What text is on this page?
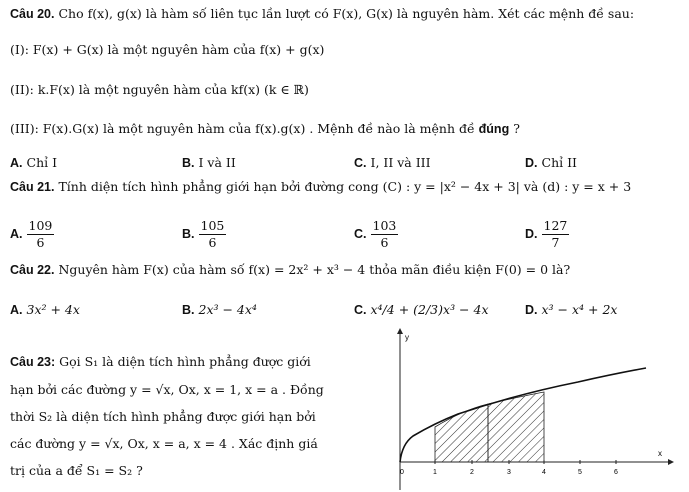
Câu 20. Cho f(x), g(x) là hàm số liên tục lần lượt có F(x), G(x) là nguyên hàm. Xét các mệnh đề sau:
(I): F(x) + G(x) là một nguyên hàm của f(x) + g(x)
(II): k.F(x) là một nguyên hàm của kf(x) (k ∈ ℝ)
(III): F(x).G(x) là một nguyên hàm của f(x).g(x) . Mệnh đề nào là mệnh đề đúng ?
A. Chỉ I	B. I và II	C. I, II và III	D. Chỉ II
Câu 21. Tính diện tích hình phẳng giới hạn bởi đường cong (C) : y = |x² − 4x + 3| và (d) : y = x + 3
A. $\frac{109}{6}$	B. $\frac{105}{6}$	C. $\frac{103}{6}$	D. $\frac{127}{7}$
Câu 22. Nguyên hàm F(x) của hàm số f(x) = 2x² + x³ − 4 thỏa mãn điều kiện F(0) = 0 là?
A. 3x² + 4x	B. 2x³ − 4x⁴	C. x⁴/4 + (2/3)x³ − 4x	D. x³ − x⁴ + 2x
Câu 23: Gọi S₁ là diện tích hình phẳng được giới
hạn bởi các đường y = √x, Ox, x = 1, x = a . Đồng
thời S₂ là diện tích hình phẳng được giới hạn bởi
các đường y = √x, Ox, x = a, x = 4 . Xác định giá
trị của a để S₁ = S₂ ?
y
x
0	1	2	3	4	5	6
